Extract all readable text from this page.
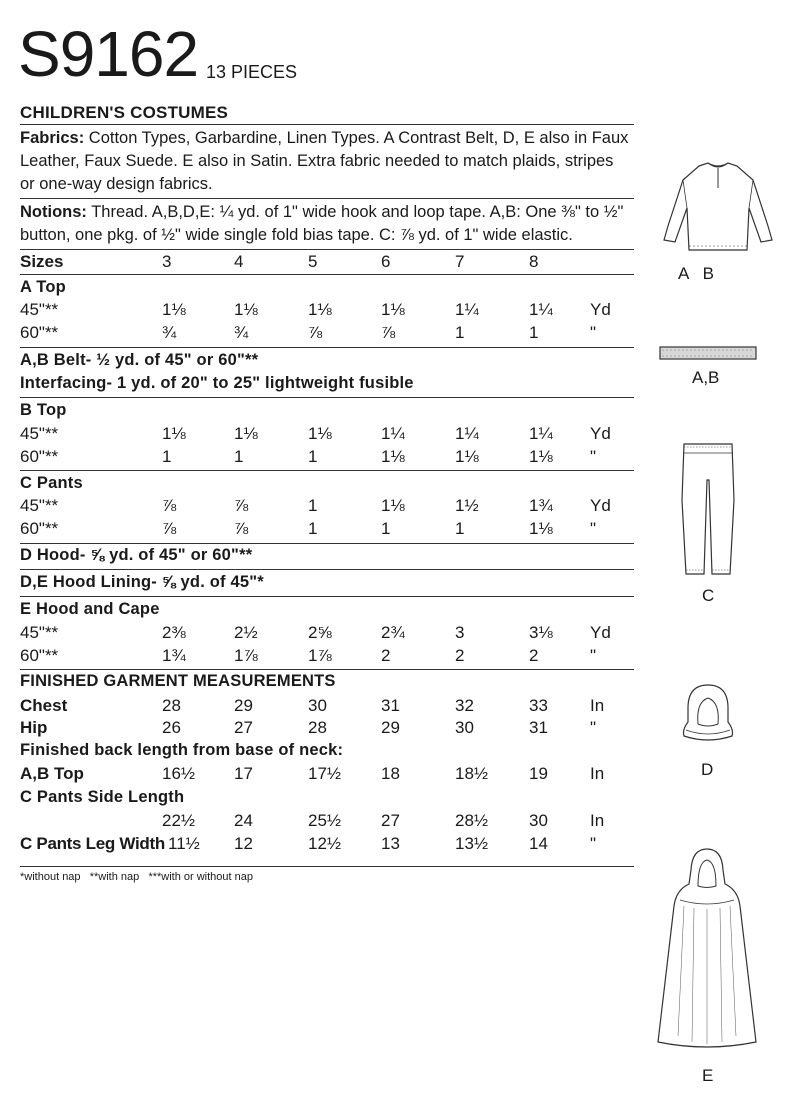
S9162 13 PIECES
CHILDREN'S COSTUMES
Fabrics: Cotton Types, Garbardine, Linen Types. A Contrast Belt, D, E also in Faux
Leather, Faux Suede. E also in Satin. Extra fabric needed to match plaids, stripes
or one-way design fabrics.
Notions: Thread. A,B,D,E: ¼ yd. of 1" wide hook and loop tape. A,B: One ⅜" to ½"
button, one pkg. of ½" wide single fold bias tape. C: ⅞ yd. of 1" wide elastic.
Sizes	3	4	5	6	7	8
A Top
45"**	1⅛	1⅛	1⅛	1⅛	1¼	1¼ Yd
60"**	¾	¾	⅞	⅞	1	1	"
A,B Belt- ½ yd. of 45" or 60"**
Interfacing- 1 yd. of 20" to 25" lightweight fusible
B Top
45"**	1⅛	1⅛	1⅛	1¼	1¼	1¼ Yd
60"**	1	1	1	1⅛	1⅛	1⅛ "
C Pants
45"**	⅞	⅞	1	1⅛	1½	1¾ Yd
60"**	⅞	⅞	1	1	1	1⅛ "
D Hood- ⅝ yd. of 45" or 60"**
D,E Hood Lining- ⅝ yd. of 45"*
E Hood and Cape
45"**	2⅜	2½	2⅝	2¾	3	3⅛ Yd
60"**	1¾	1⅞	1⅞	2	2	2	"
FINISHED GARMENT MEASUREMENTS
Chest	28	29	30	31	32	33 In
Hip	26	27	28	29	30	31 "
Finished back length from base of neck:
A,B Top	16½ 17	17½ 18	18½ 19 In
C Pants Side Length
22½ 24	25½ 27	28½ 30 In
C Pants Leg Width 11½ 12	12½ 13	13½ 14 "
*without nap **with nap ***with or without nap
A   B
A,B
C
D
E
